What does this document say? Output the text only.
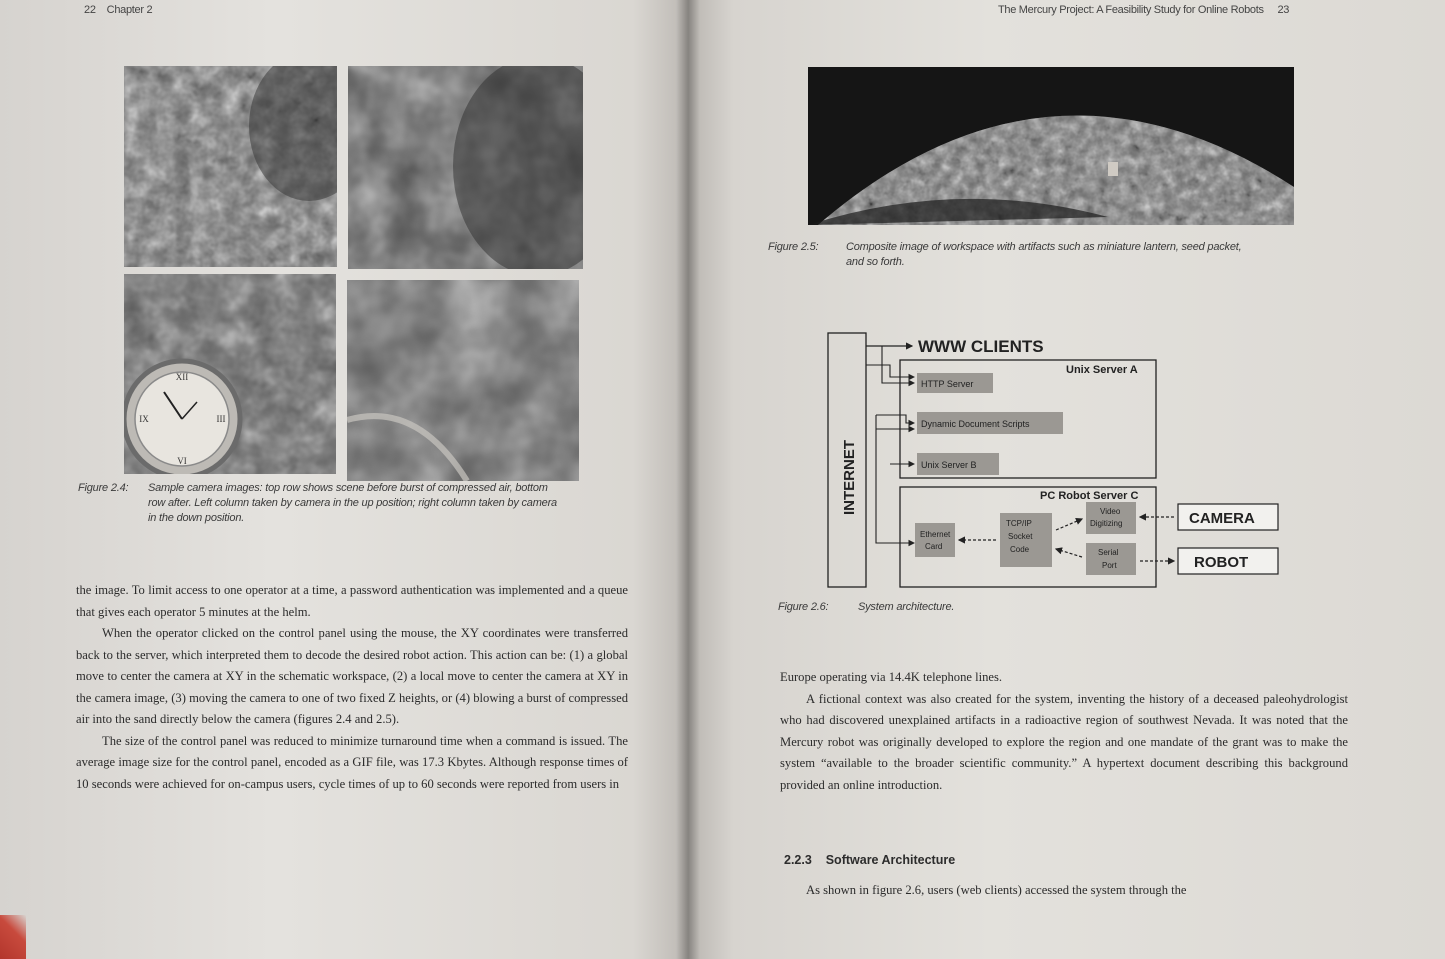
22 Chapter 2
XII
III
VI
IX
Figure 2.4: Sample camera images: top row shows scene before burst of compressed air, bottom
row after. Left column taken by camera in the up position; right column taken by camera
in the down position.

the image. To limit access to one operator at a time, a password authentication was implemented and a queue that gives each operator 5 minutes at the helm.

When the operator clicked on the control panel using the mouse, the XY coordinates were transferred back to the server, which interpreted them to decode the desired robot action. This action can be: (1) a global move to center the camera at XY in the schematic workspace, (2) a local move to center the camera at XY in the camera image, (3) moving the camera to one of two fixed Z heights, or (4) blowing a burst of compressed air into the sand directly below the camera (figures 2.4 and 2.5).

The size of the control panel was reduced to minimize turnaround time when a command is issued. The average image size for the control panel, encoded as a GIF file, was 17.3 Kbytes. Although response times of 10 seconds were achieved for on-campus users, cycle times of up to 60 seconds were reported from users in

The Mercury Project: A Feasibility Study for Online Robots 23
Figure 2.5:	Composite image of workspace with artifacts such as miniature lantern, seed packet,
and so forth.
INTERNET
WWW CLIENTS
Unix Server A
HTTP Server
Dynamic Document Scripts
Unix Server B
PC Robot Server C
Ethernet
Card
TCP/IP
Socket
Code
Video
Digitizing
Serial
Port
CAMERA
ROBOT
Figure 2.6:	System architecture.

Europe operating via 14.4K telephone lines.

A fictional context was also created for the system, inventing the history of a deceased paleohydrologist who had discovered unexplained artifacts in a radioactive region of southwest Nevada. It was noted that the Mercury robot was originally developed to explore the region and one mandate of the grant was to make the system “available to the broader scientific community.” A hypertext document describing this background provided an online introduction.

2.2.3 Software Architecture

As shown in figure 2.6, users (web clients) accessed the system through the
